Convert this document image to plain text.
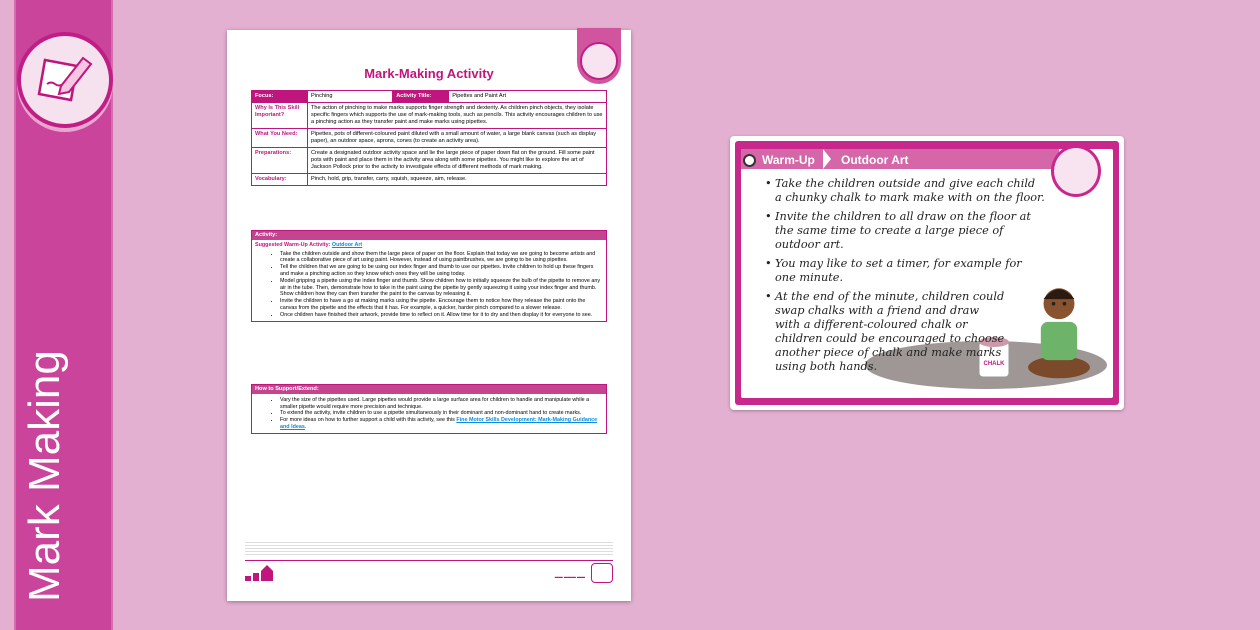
Mark Making
Mark-Making Activity
Focus:	Pinching	Activity Title:	Pipettes and Paint Art
Why Is This Skill Important?	The action of pinching to make marks supports finger strength and dexterity. As children pinch objects, they isolate specific fingers which supports the use of mark-making tools, such as pencils. This activity encourages children to use a pinching action as they transfer paint and make marks using pipettes.		
What You Need:	Pipettes, pots of different-coloured paint diluted with a small amount of water, a large blank canvas (such as display paper), an outdoor space, aprons, cones (to create an activity area).		
Preparations:	Create a designated outdoor activity space and lie the large piece of paper down flat on the ground. Fill some paint pots with paint and place them in the activity area along with some pipettes. You might like to explore the art of Jackson Pollock prior to the activity to investigate effects of different methods of mark making.		
Vocabulary:	Pinch, hold, grip, transfer, carry, squish, squeeze, aim, release.		
Activity:
Suggested Warm-Up Activity: Outdoor Art
• Take the children outside and show them the large piece of paper on the floor. Explain that today we are going to become artists and create a collaborative piece of art using paint. However, instead of using paintbrushes, we are going to be using pipettes.
• Tell the children that we are going to be using our index finger and thumb to use our pipettes. Invite children to hold up these fingers and make a pinching action so they know which ones they will be using today.
• Model gripping a pipette using the index finger and thumb. Show children how to initially squeeze the bulb of the pipette to remove any air in the tube. Then, demonstrate how to take in the paint using the pipette by gently squeezing it using your index finger and thumb. Show children how they can then transfer the paint to the canvas by releasing it.
• Invite the children to have a go at making marks using the pipette. Encourage them to notice how they release the paint onto the canvas from the pipette and the effects that it has. For example, a quicker, harder pinch compared to a slower release.
• Once children have finished their artwork, provide time to reflect on it. Allow time for it to dry and then display it for everyone to see.
How to Support/Extend:
• Vary the size of the pipettes used. Large pipettes would provide a large surface area for children to handle and manipulate while a smaller pipette would require more precision and technique.
• To extend the activity, invite children to use a pipette simultaneously in their dominant and non-dominant hand to create marks.
• For more ideas on how to further support a child with this activity, see this Fine Motor Skills Development: Mark-Making Guidance and Ideas.
▬▬ ▬▬▬ ▬▬
Warm-Up Outdoor Art
CHALK
• Take the children outside and give each child a chunky chalk to mark make with on the floor.
• Invite the children to all draw on the floor at the same time to create a large piece of outdoor art.
• You may like to set a timer, for example for one minute.
• At the end of the minute, children could swap chalks with a friend and draw with a different-coloured chalk or children could be encouraged to choose another piece of chalk and make marks using both hands.
